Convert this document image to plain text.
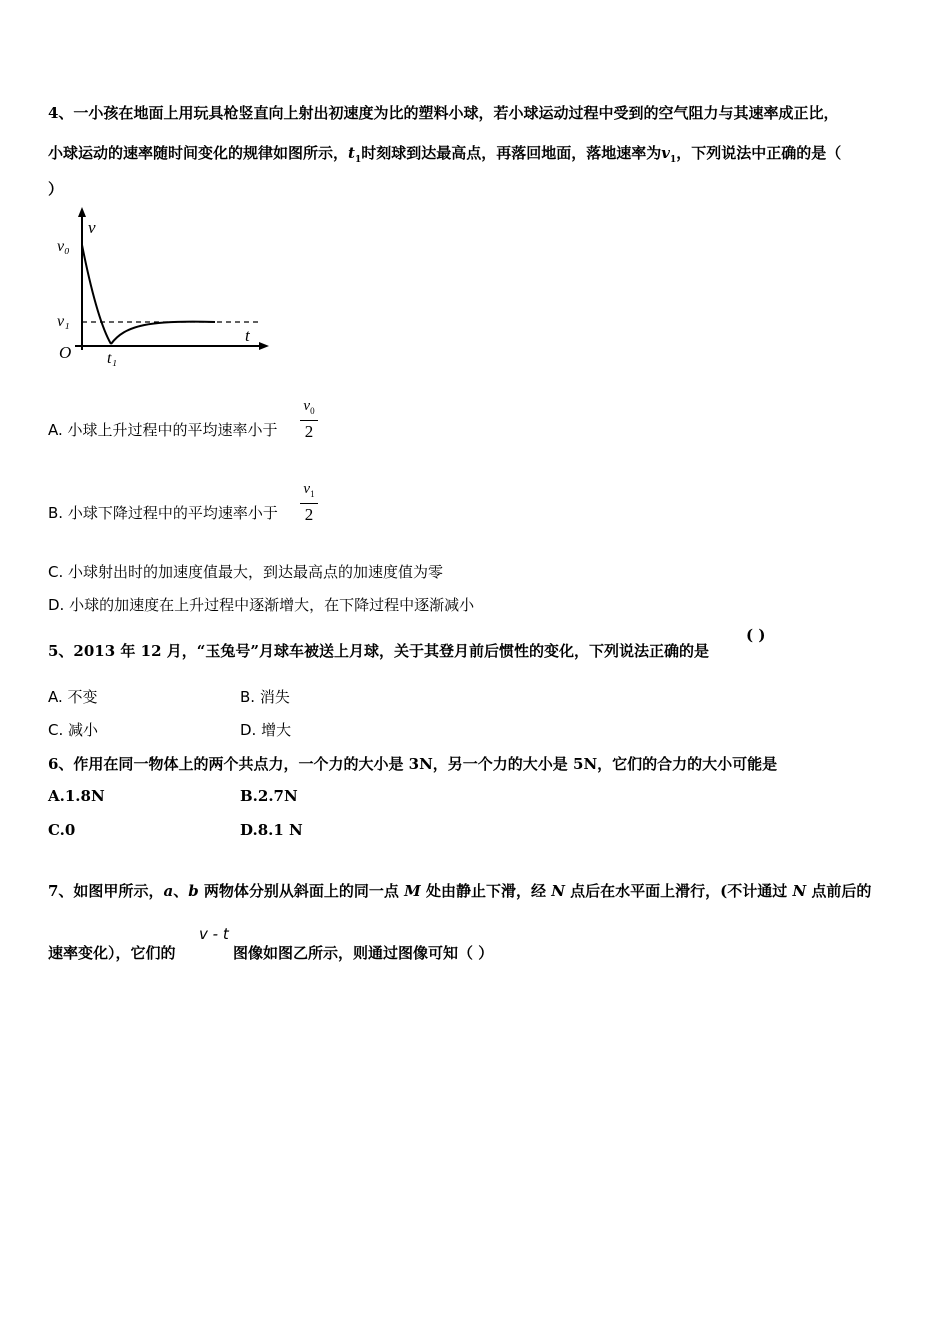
4、一小孩在地面上用玩具枪竖直向上射出初速度为比的塑料小球，若小球运动过程中受到的空气阻力与其速率成正比，
小球运动的速率随时间变化的规律如图所示，$t_1$时刻球到达最高点，再落回地面，落地速率为$v_1$，下列说法中正确的是（
）
v
t
v₀
v₁
O t₁
A. 小球上升过程中的平均速率小于
$v_0$
2
B. 小球下降过程中的平均速率小于
$v_1$
2
C. 小球射出时的加速度值最大，到达最高点的加速度值为零
D. 小球的加速度在上升过程中逐渐增大，在下降过程中逐渐减小
5、2013 年 12 月，“玉兔号”月球车被送上月球，关于其登月前后惯性的变化，下列说法正确的是
( )
A. 不变	B. 消失
C. 减小	D. 增大
6、作用在同一物体上的两个共点力，一个力的大小是 3N，另一个力的大小是 5N，它们的合力的大小可能是
A.1.8N	B.2.7N
C.0	D.8.1 N
7、如图甲所示，a、b 两物体分别从斜面上的同一点 M 处由静止下滑，经 N 点后在水平面上滑行，(不计通过 N 点前后的
速率变化），它们的
v - t
图像如图乙所示，则通过图像可知（ ）
